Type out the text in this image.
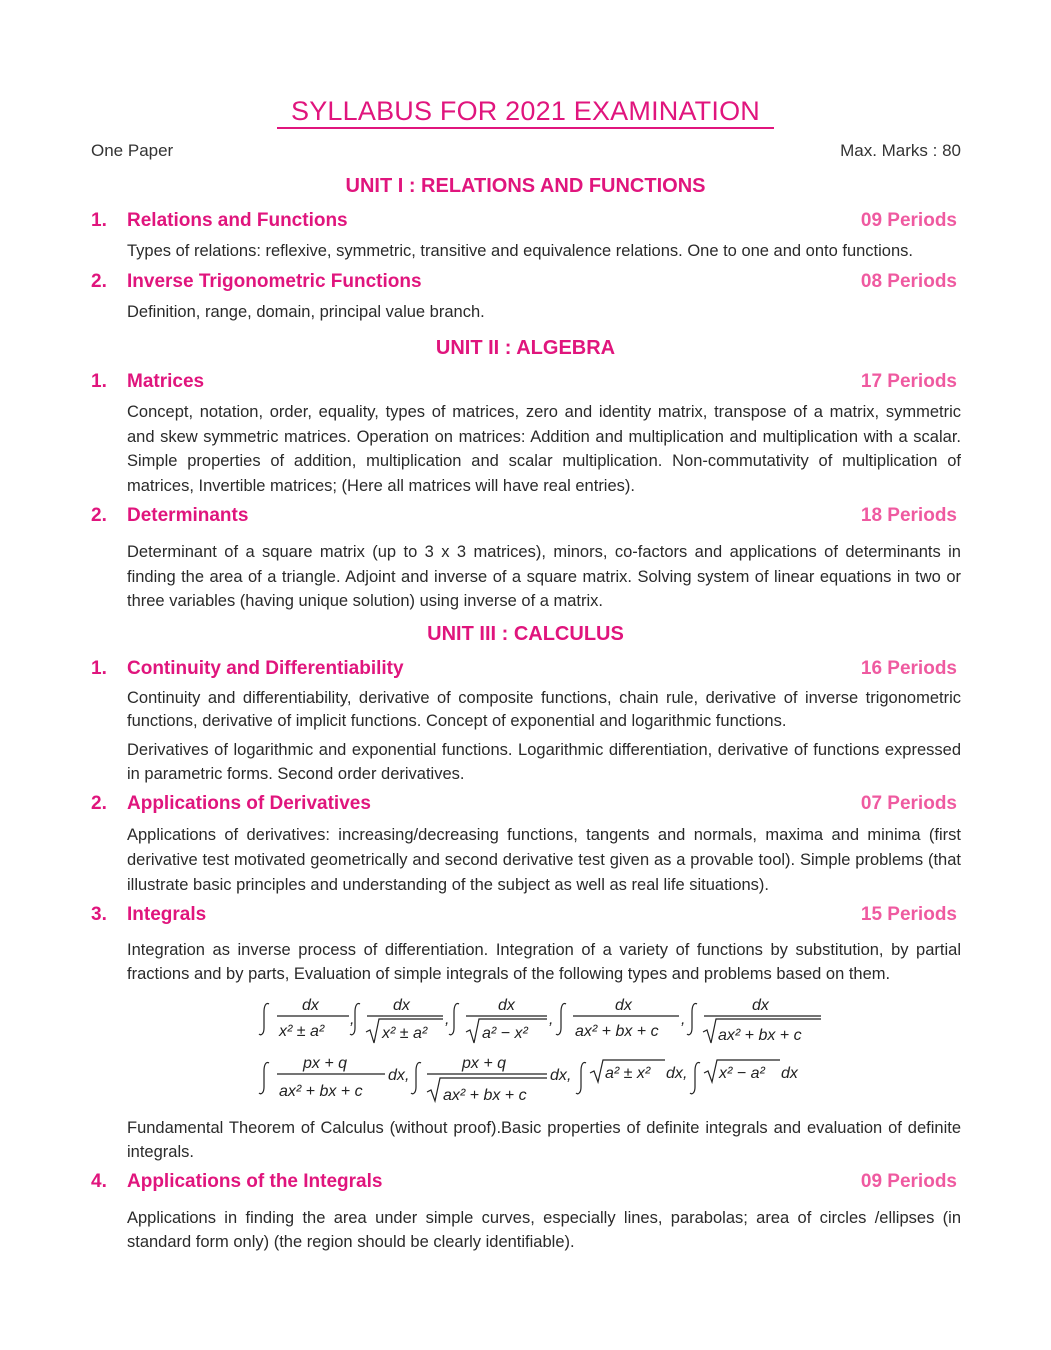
SYLLABUS FOR 2021 EXAMINATION
One Paper	Max. Marks : 80
UNIT I : RELATIONS AND FUNCTIONS
1. Relations and Functions	09 Periods
Types of relations: reflexive, symmetric, transitive and equivalence relations. One to one and onto functions.
2. Inverse Trigonometric Functions	08 Periods
Definition, range, domain, principal value branch.
UNIT II : ALGEBRA
1. Matrices	17 Periods
Concept, notation, order, equality, types of matrices, zero and identity matrix, transpose of a matrix, symmetric and skew symmetric matrices. Operation on matrices: Addition and multiplication and multiplication with a scalar. Simple properties of addition, multiplication and scalar multiplication. Non-commutativity of multiplication of matrices, Invertible matrices; (Here all matrices will have real entries).
2. Determinants	18 Periods
Determinant of a square matrix (up to 3 x 3 matrices), minors, co-factors and applications of determinants in finding the area of a triangle. Adjoint and inverse of a square matrix. Solving system of linear equations in two or three variables (having unique solution) using inverse of a matrix.
UNIT III : CALCULUS
1. Continuity and Differentiability	16 Periods
Continuity and differentiability, derivative of composite functions, chain rule, derivative of inverse trigonometric functions, derivative of implicit functions. Concept of exponential and logarithmic functions.
Derivatives of logarithmic and exponential functions. Logarithmic differentiation, derivative of functions expressed in parametric forms. Second order derivatives.
2. Applications of Derivatives	07 Periods
Applications of derivatives: increasing/decreasing functions, tangents and normals, maxima and minima (first derivative test motivated geometrically and second derivative test given as a provable tool). Simple problems (that illustrate basic principles and understanding of the subject as well as real life situations).
3. Integrals	15 Periods
Integration as inverse process of differentiation. Integration of a variety of functions by substitution, by partial fractions and by parts, Evaluation of simple integrals of the following types and problems based on them.
dx	dx	dx	dx	dx
x² ± a²	x² ± a²	a² − x²	ax² + bx + c	ax² + bx + c
,	,	,	,
px + q
ax² + bx + c
dx ,
px + q
ax² + bx + c
dx , a² ± x² dx , x² − a² dx
Fundamental Theorem of Calculus (without proof).Basic properties of definite integrals and evaluation of definite integrals.
4. Applications of the Integrals	09 Periods
Applications in finding the area under simple curves, especially lines, parabolas; area of circles /ellipses (in standard form only) (the region should be clearly identifiable).
